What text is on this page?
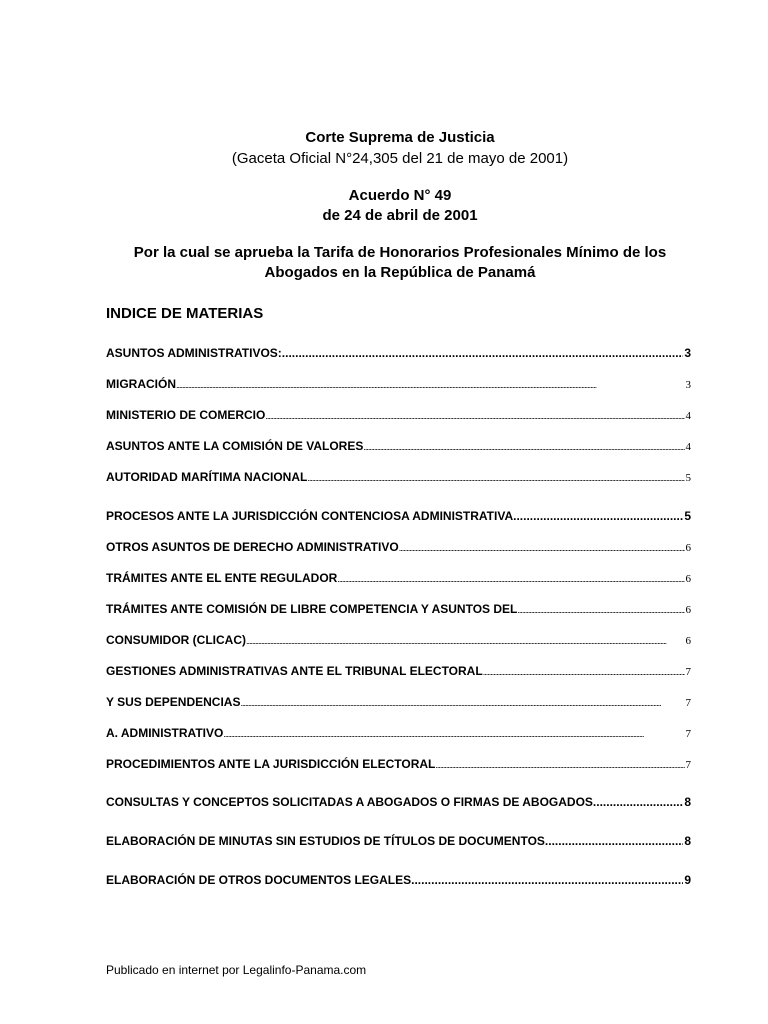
Corte Suprema de Justicia
(Gaceta Oficial N°24,305 del 21 de mayo de 2001)
Acuerdo N° 49
de 24 de abril de 2001
Por la cual se aprueba la Tarifa de Honorarios Profesionales Mínimo de los
Abogados en la República de Panamá
INDICE DE MATERIAS
ASUNTOS ADMINISTRATIVOS: .....	3
MIGRACIÓN .....	3
MINISTERIO DE COMERCIO .....	4
ASUNTOS ANTE LA COMISIÓN DE VALORES .....	4
AUTORIDAD MARÍTIMA NACIONAL .....	5
PROCESOS ANTE LA JURISDICCIÓN CONTENCIOSA ADMINISTRATIVA .....	5
OTROS ASUNTOS DE DERECHO ADMINISTRATIVO .....	6
TRÁMITES ANTE EL ENTE REGULADOR .....	6
TRÁMITES ANTE COMISIÓN DE LIBRE COMPETENCIA Y ASUNTOS DEL .....	6
CONSUMIDOR (CLICAC) .....	6
GESTIONES ADMINISTRATIVAS ANTE EL TRIBUNAL ELECTORAL .....	7
Y SUS DEPENDENCIAS .....	7
A. ADMINISTRATIVO .....	7
PROCEDIMIENTOS ANTE LA JURISDICCIÓN ELECTORAL .....	7
CONSULTAS Y CONCEPTOS SOLICITADAS A ABOGADOS O FIRMAS DE ABOGADOS .....	8
ELABORACIÓN DE MINUTAS SIN ESTUDIOS DE TÍTULOS DE DOCUMENTOS .....	8
ELABORACIÓN DE OTROS DOCUMENTOS LEGALES .....	9
Publicado en internet por Legalinfo-Panama.com
